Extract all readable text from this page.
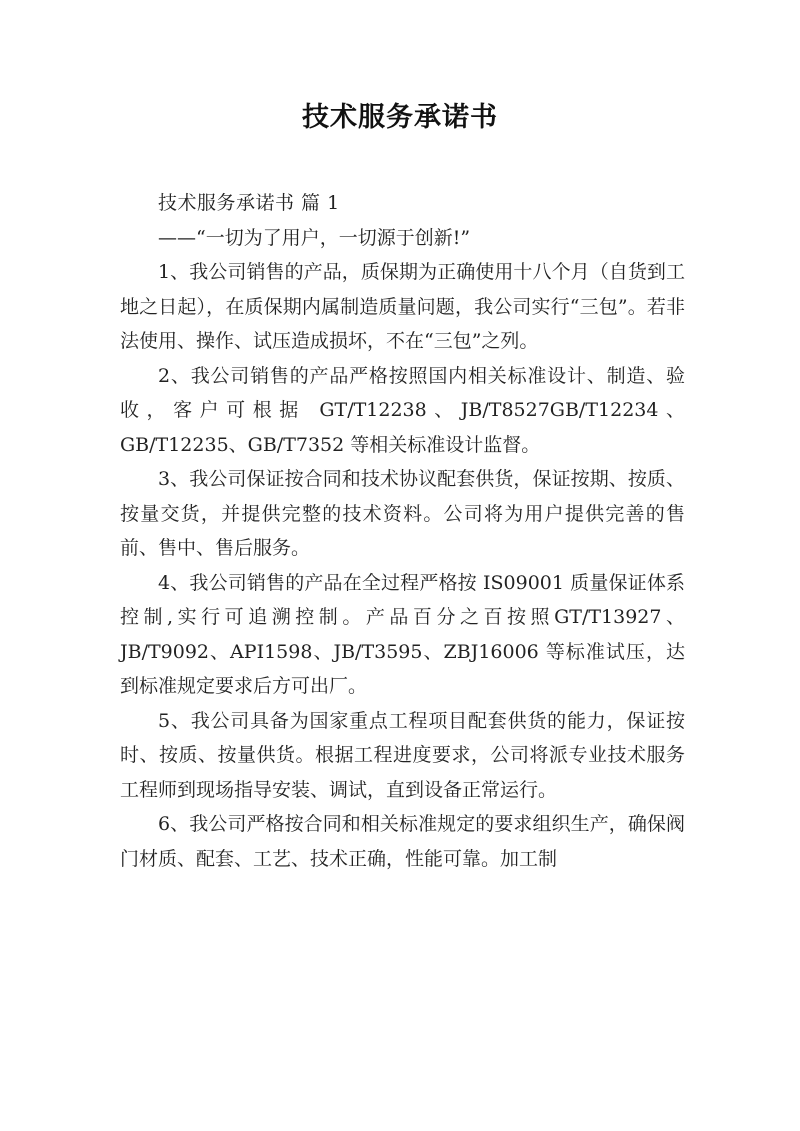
技术服务承诺书

技术服务承诺书 篇 1

——“一切为了用户，一切源于创新!”

1、我公司销售的产品，质保期为正确使用十八个月（自货到工地之日起），在质保期内属制造质量问题，我公司实行“三包”。若非法使用、操作、试压造成损坏，不在“三包”之列。

2、我公司销售的产品严格按照国内相关标准设计、制造、验收，客户可根据 GT/T12238、JB/T8527GB/T12234、GB/T12235、GB/T7352 等相关标准设计监督。

3、我公司保证按合同和技术协议配套供货，保证按期、按质、按量交货，并提供完整的技术资料。公司将为用户提供完善的售前、售中、售后服务。

4、我公司销售的产品在全过程严格按 IS09001 质量保证体系控制,实行可追溯控制。产品百分之百按照GT/T13927、JB/T9092、API1598、JB/T3595、ZBJ16006 等标准试压，达到标准规定要求后方可出厂。

5、我公司具备为国家重点工程项目配套供货的能力，保证按时、按质、按量供货。根据工程进度要求，公司将派专业技术服务工程师到现场指导安装、调试，直到设备正常运行。

6、我公司严格按合同和相关标准规定的要求组织生产，确保阀门材质、配套、工艺、技术正确，性能可靠。加工制
